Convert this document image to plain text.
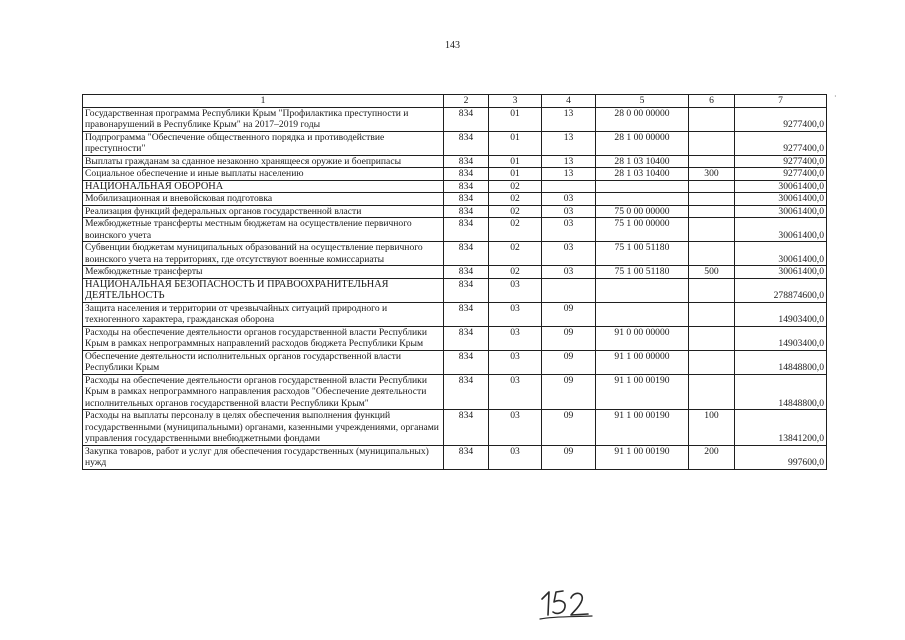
143
1	2	3	4	5	6	7
Государственная программа Республики Крым "Профилактика преступности и правонарушений в Республике Крым" на 2017–2019 годы	834	01	13	28 0 00 00000		9277400,0
Подпрограмма "Обеспечение общественного порядка и противодействие преступности"	834	01	13	28 1 00 00000		9277400,0
Выплаты гражданам за сданное незаконно хранящееся оружие и боеприпасы	834	01	13	28 1 03 10400		9277400,0
Социальное обеспечение и иные выплаты населению	834	01	13	28 1 03 10400	300	9277400,0
НАЦИОНАЛЬНАЯ ОБОРОНА	834	02				30061400,0
Мобилизационная и вневойсковая подготовка	834	02	03			30061400,0
Реализация функций федеральных органов государственной власти	834	02	03	75 0 00 00000		30061400,0
Межбюджетные трансферты местным бюджетам на осуществление первичного воинского учета	834	02	03	75 1 00 00000		30061400,0
Субвенции бюджетам муниципальных образований на осуществление первичного воинского учета на территориях, где отсутствуют военные комиссариаты	834	02	03	75 1 00 51180		30061400,0
Межбюджетные трансферты	834	02	03	75 1 00 51180	500	30061400,0
НАЦИОНАЛЬНАЯ БЕЗОПАСНОСТЬ И ПРАВООХРАНИТЕЛЬНАЯ ДЕЯТЕЛЬНОСТЬ	834	03				278874600,0
Защита населения и территории от чрезвычайных ситуаций природного и техногенного характера, гражданская оборона	834	03	09			14903400,0
Расходы на обеспечение деятельности органов государственной власти Республики Крым в рамках непрограммных направлений расходов бюджета Республики Крым	834	03	09	91 0 00 00000		14903400,0
Обеспечение деятельности исполнительных органов государственной власти Республики Крым	834	03	09	91 1 00 00000		14848800,0
Расходы на обеспечение деятельности органов государственной власти Республики Крым в рамках непрограммного направления расходов "Обеспечение деятельности исполнительных органов государственной власти Республики Крым"	834	03	09	91 1 00 00190		14848800,0
Расходы на выплаты персоналу в целях обеспечения выполнения функций государственными (муниципальными) органами, казенными учреждениями, органами управления государственными внебюджетными фондами	834	03	09	91 1 00 00190	100	13841200,0
Закупка товаров, работ и услуг для обеспечения государственных (муниципальных) нужд	834	03	09	91 1 00 00190	200	997600,0
·
